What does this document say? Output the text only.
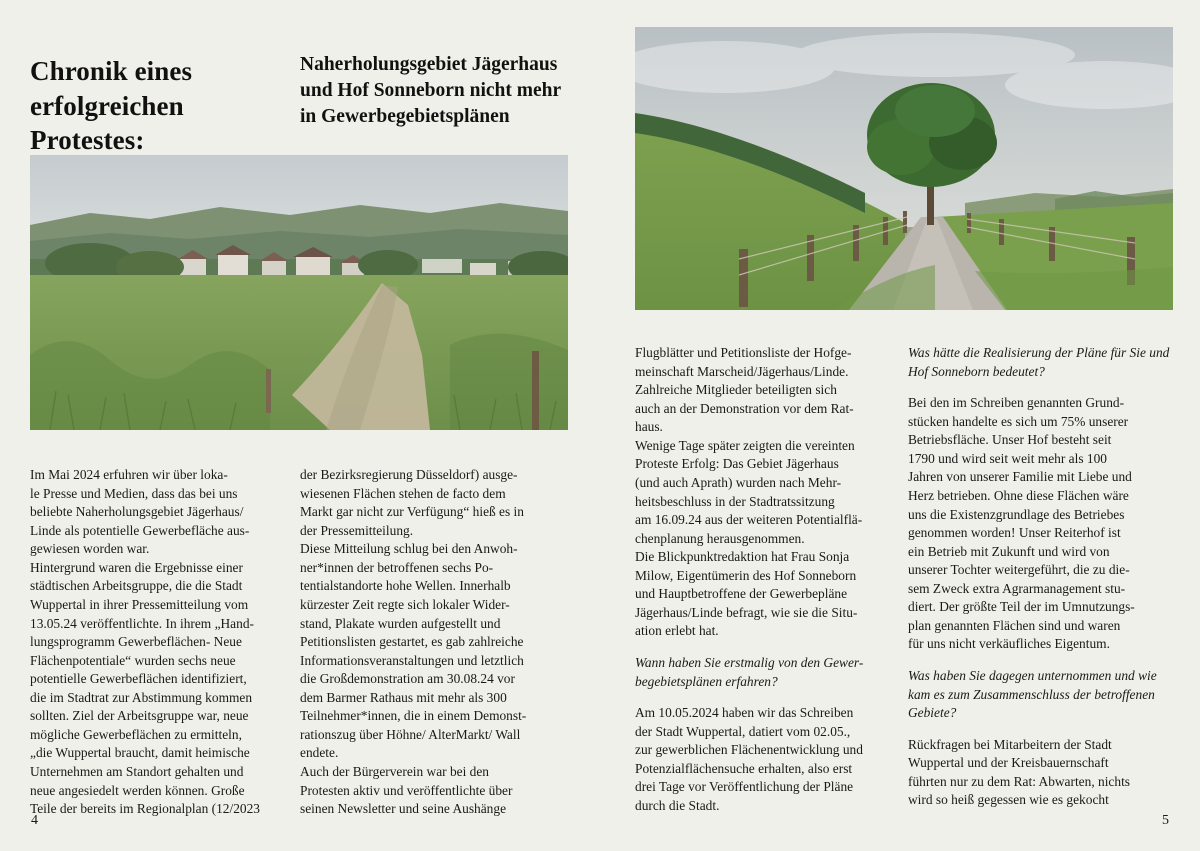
Chronik eines erfolgreichen Protestes:
Naherholungsgebiet Jägerhaus und Hof Sonneborn nicht mehr in Gewerbegebietsplänen

Im Mai 2024 erfuhren wir über loka-

le Presse und Medien, dass das bei uns

beliebte Naherholungsgebiet Jägerhaus/

Linde als potentielle Gewerbefläche aus-

gewiesen worden war.

Hintergrund waren die Ergebnisse einer

städtischen Arbeitsgruppe, die die Stadt

Wuppertal in ihrer Pressemitteilung vom

13.05.24 veröffentlichte. In ihrem „Hand-

lungsprogramm Gewerbeflächen- Neue

Flächenpotentiale“ wurden sechs neue

potentielle Gewerbeflächen identifiziert,

die im Stadtrat zur Abstimmung kommen

sollten. Ziel der Arbeitsgruppe war, neue

mögliche Gewerbeflächen zu ermitteln,

„die Wuppertal braucht, damit heimische

Unternehmen am Standort gehalten und

neue angesiedelt werden können. Große

Teile der bereits im Regionalplan (12/2023

der Bezirksregierung Düsseldorf) ausge-

wiesenen Flächen stehen de facto dem

Markt gar nicht zur Verfügung“ hieß es in

der Pressemitteilung.

Diese Mitteilung schlug bei den Anwoh-

ner*innen der betroffenen sechs Po-

tentialstandorte hohe Wellen. Innerhalb

kürzester Zeit regte sich lokaler Wider-

stand, Plakate wurden aufgestellt und

Petitionslisten gestartet, es gab zahlreiche

Informationsveranstaltungen und letztlich

die Großdemonstration am 30.08.24 vor

dem Barmer Rathaus mit mehr als 300

Teilnehmer*innen, die in einem Demonst-

rationszug über Höhne/ AlterMarkt/ Wall

endete.

Auch der Bürgerverein war bei den

Protesten aktiv und veröffentlichte über

seinen Newsletter und seine Aushänge

4

Flugblätter und Petitionsliste der Hofge-

meinschaft Marscheid/Jägerhaus/Linde.

Zahlreiche Mitglieder beteiligten sich

auch an der Demonstration vor dem Rat-

haus.

Wenige Tage später zeigten die vereinten

Proteste Erfolg: Das Gebiet Jägerhaus

(und auch Aprath) wurden nach Mehr-

heitsbeschluss in der Stadtratssitzung

am 16.09.24 aus der weiteren Potentialflä-

chenplanung herausgenommen.

Die Blickpunktredaktion hat Frau Sonja

Milow, Eigentümerin des Hof Sonneborn

und Hauptbetroffene der Gewerbepläne

Jägerhaus/Linde befragt, wie sie die Situ-

ation erlebt hat.

Wann haben Sie erstmalig von den Gewer-begebietsplänen erfahren?

Am 10.05.2024 haben wir das Schreiben

der Stadt Wuppertal, datiert vom 02.05.,

zur gewerblichen Flächenentwicklung und

Potenzialflächensuche erhalten, also erst

drei Tage vor Veröffentlichung der Pläne

durch die Stadt.

Was hätte die Realisierung der Pläne für Sie und Hof Sonneborn bedeutet?

Bei den im Schreiben genannten Grund-

stücken handelte es sich um 75% unserer

Betriebsfläche. Unser Hof besteht seit

1790 und wird seit weit mehr als 100

Jahren von unserer Familie mit Liebe und

Herz betrieben. Ohne diese Flächen wäre

uns die Existenzgrundlage des Betriebes

genommen worden! Unser Reiterhof ist

ein Betrieb mit Zukunft und wird von

unserer Tochter weitergeführt, die zu die-

sem Zweck extra Agrarmanagement stu-

diert. Der größte Teil der im Umnutzungs-

plan genannten Flächen sind und waren

für uns nicht verkäufliches Eigentum.

Was haben Sie dagegen unternommen und wie kam es zum Zusammenschluss der betroffenen Gebiete?

Rückfragen bei Mitarbeitern der Stadt

Wuppertal und der Kreisbauernschaft

führten nur zu dem Rat: Abwarten, nichts

wird so heiß gegessen wie es gekocht

5
